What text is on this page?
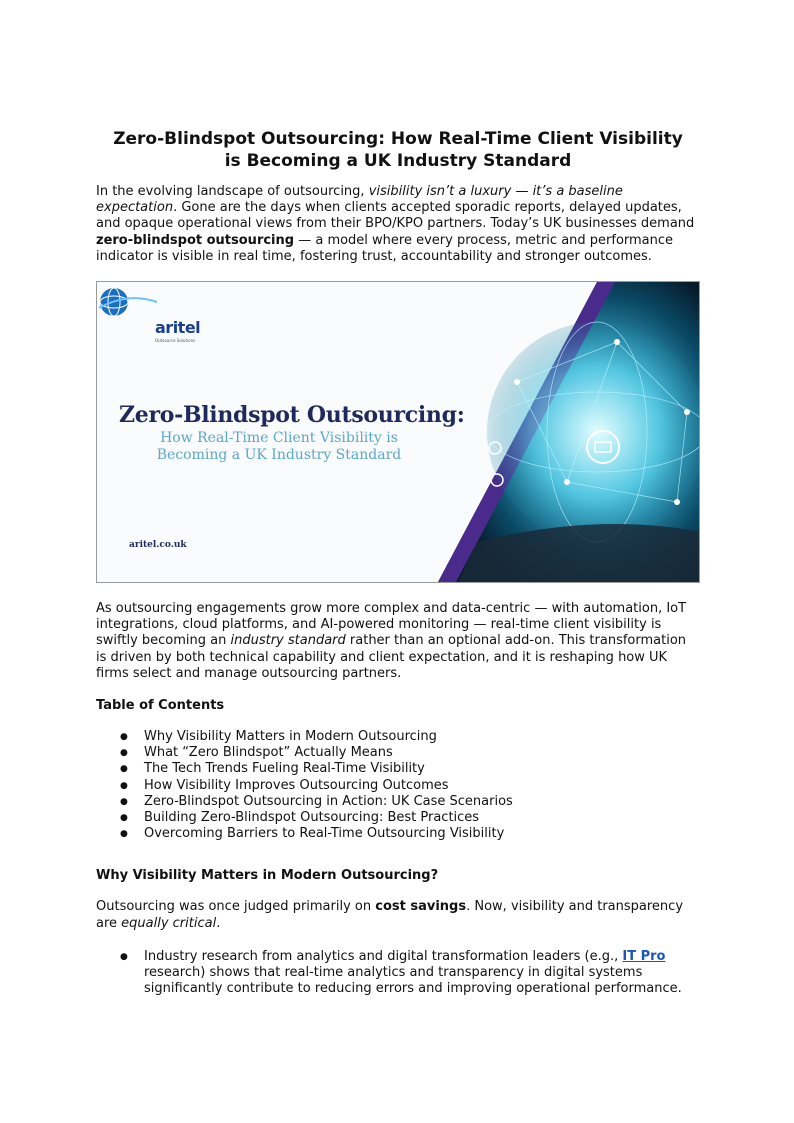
Zero-Blindspot Outsourcing: How Real-Time Client Visibility
is Becoming a UK Industry Standard

In the evolving landscape of outsourcing, visibility isn’t a luxury — it’s a baseline expectation. Gone are the days when clients accepted sporadic reports, delayed updates, and opaque operational views from their BPO/KPO partners. Today’s UK businesses demand zero-blindspot outsourcing — a model where every process, metric and performance indicator is visible in real time, fostering trust, accountability and stronger outcomes.

aritel
Outsource Solutions
Zero-Blindspot Outsourcing:
How Real-Time Client Visibility is
Becoming a UK Industry Standard
aritel.co.uk

As outsourcing engagements grow more complex and data-centric — with automation, IoT integrations, cloud platforms, and AI-powered monitoring — real-time client visibility is swiftly becoming an industry standard rather than an optional add-on. This transformation is driven by both technical capability and client expectation, and it is reshaping how UK firms select and manage outsourcing partners.

Table of Contents
● Why Visibility Matters in Modern Outsourcing
● What “Zero Blindspot” Actually Means
● The Tech Trends Fueling Real-Time Visibility
● How Visibility Improves Outsourcing Outcomes
● Zero-Blindspot Outsourcing in Action: UK Case Scenarios
● Building Zero-Blindspot Outsourcing: Best Practices
● Overcoming Barriers to Real-Time Outsourcing Visibility
Why Visibility Matters in Modern Outsourcing?

Outsourcing was once judged primarily on cost savings. Now, visibility and transparency are equally critical.

● Industry research from analytics and digital transformation leaders (e.g., IT Pro research) shows that real-time analytics and transparency in digital systems significantly contribute to reducing errors and improving operational performance.
